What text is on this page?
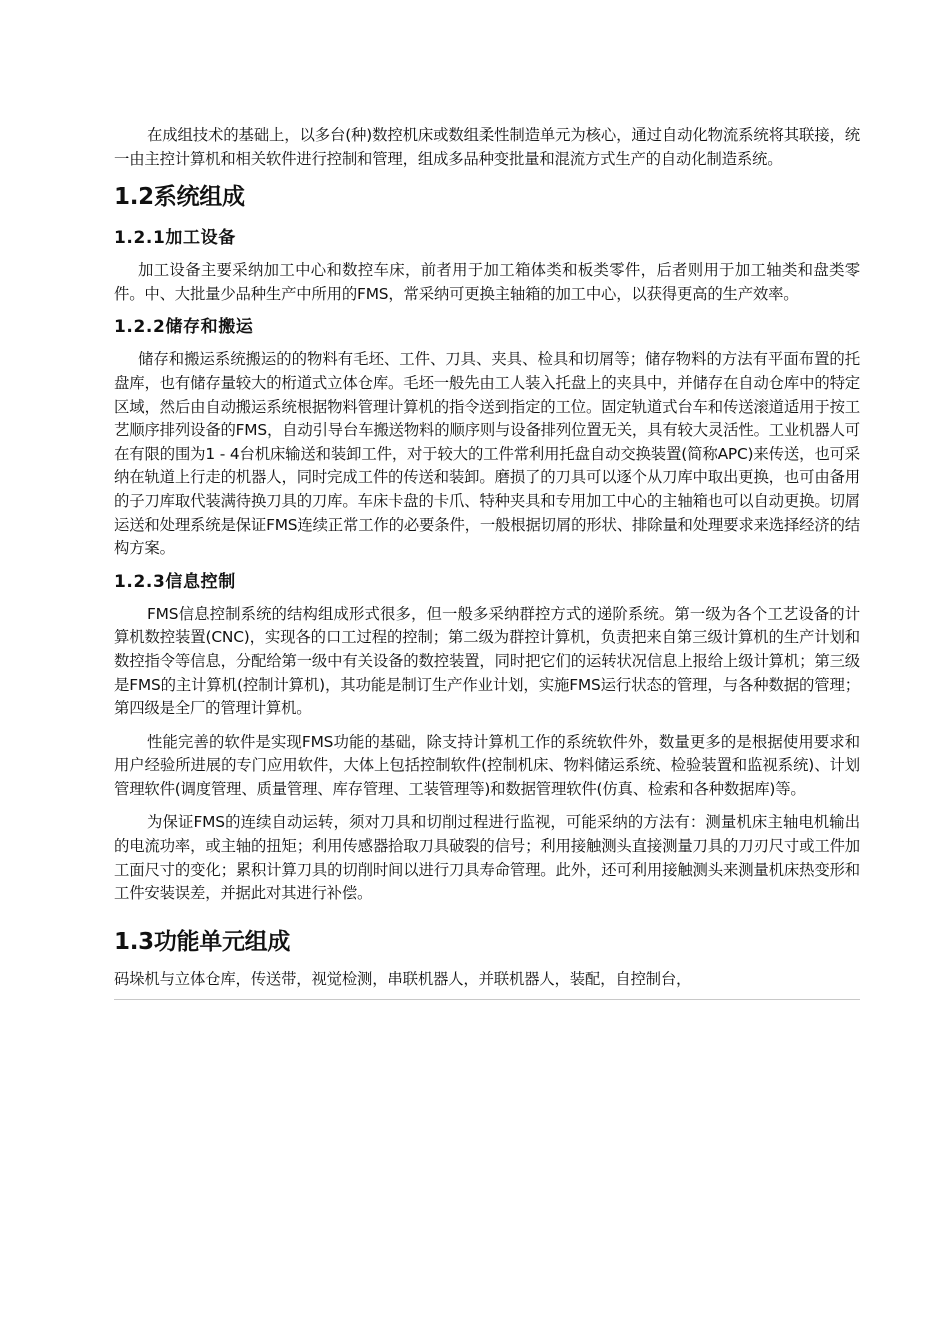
在成组技术的基础上，以多台(种)数控机床或数组柔性制造单元为核心，通过自动化物流系统将其联接，统一由主控计算机和相关软件进行控制和管理，组成多品种变批量和混流方式生产的自动化制造系统。

1.2系统组成
1.2.1加工设备

加工设备主要采纳加工中心和数控车床，前者用于加工箱体类和板类零件，后者则用于加工轴类和盘类零件。中、大批量少品种生产中所用的FMS，常采纳可更换主轴箱的加工中心，以获得更高的生产效率。

1.2.2储存和搬运

储存和搬运系统搬运的的物料有毛坯、工件、刀具、夹具、检具和切屑等；储存物料的方法有平面布置的托盘库，也有储存量较大的桁道式立体仓库。毛坯一般先由工人装入托盘上的夹具中，并储存在自动仓库中的特定区域，然后由自动搬运系统根据物料管理计算机的指令送到指定的工位。固定轨道式台车和传送滚道适用于按工艺顺序排列设备的FMS，自动引导台车搬送物料的顺序则与设备排列位置无关，具有较大灵活性。工业机器人可在有限的围为1 - 4台机床输送和装卸工件，对于较大的工件常利用托盘自动交换装置(简称APC)来传送，也可采纳在轨道上行走的机器人，同时完成工件的传送和装卸。磨损了的刀具可以逐个从刀库中取出更换，也可由备用的子刀库取代装满待换刀具的刀库。车床卡盘的卡爪、特种夹具和专用加工中心的主轴箱也可以自动更换。切屑运送和处理系统是保证FMS连续正常工作的必要条件，一般根据切屑的形状、排除量和处理要求来选择经济的结构方案。

1.2.3信息控制

FMS信息控制系统的结构组成形式很多，但一般多采纳群控方式的递阶系统。第一级为各个工艺设备的计算机数控装置(CNC)，实现各的口工过程的控制；第二级为群控计算机，负责把来自第三级计算机的生产计划和数控指令等信息，分配给第一级中有关设备的数控装置，同时把它们的运转状况信息上报给上级计算机；第三级是FMS的主计算机(控制计算机)，其功能是制订生产作业计划，实施FMS运行状态的管理，与各种数据的管理；第四级是全厂的管理计算机。

性能完善的软件是实现FMS功能的基础，除支持计算机工作的系统软件外，数量更多的是根据使用要求和用户经验所进展的专门应用软件，大体上包括控制软件(控制机床、物料储运系统、检验装置和监视系统)、计划管理软件(调度管理、质量管理、库存管理、工装管理等)和数据管理软件(仿真、检索和各种数据库)等。

为保证FMS的连续自动运转，须对刀具和切削过程进行监视，可能采纳的方法有：测量机床主轴电机输出的电流功率，或主轴的扭矩；利用传感器拾取刀具破裂的信号；利用接触测头直接测量刀具的刀刃尺寸或工件加工面尺寸的变化；累积计算刀具的切削时间以进行刀具寿命管理。此外，还可利用接触测头来测量机床热变形和工件安装误差，并据此对其进行补偿。

1.3功能单元组成

码垛机与立体仓库，传送带，视觉检测，串联机器人，并联机器人，装配，自控制台，
